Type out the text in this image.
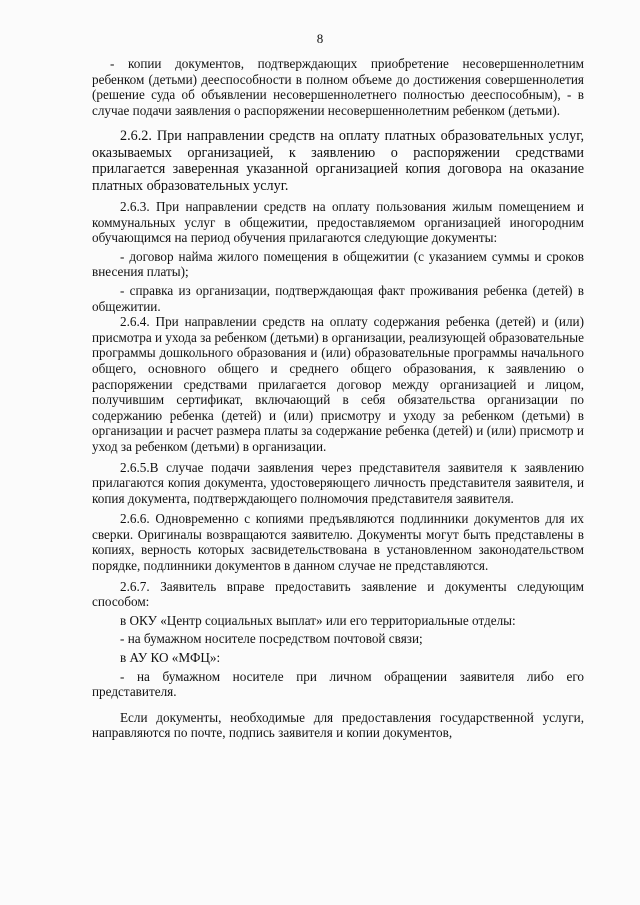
8

- копии документов, подтверждающих приобретение несовершеннолетним ребенком (детьми) дееспособности в полном объеме до достижения совершеннолетия (решение суда об объявлении несовершеннолетнего полностью дееспособным), - в случае подачи заявления о распоряжении несовершеннолетним ребенком (детьми).

2.6.2. При направлении средств на оплату платных образовательных услуг, оказываемых организацией, к заявлению о распоряжении средствами прилагается заверенная указанной организацией копия договора на оказание платных образовательных услуг.

2.6.3. При направлении средств на оплату пользования жилым помещением и коммунальных услуг в общежитии, предоставляемом организацией иногородним обучающимся на период обучения прилагаются следующие документы:

- договор найма жилого помещения в общежитии (с указанием суммы и сроков внесения платы);

- справка из организации, подтверждающая факт проживания ребенка (детей) в общежитии.

2.6.4. При направлении средств на оплату содержания ребенка (детей) и (или) присмотра и ухода за ребенком (детьми) в организации, реализующей образовательные программы дошкольного образования и (или) образовательные программы начального общего, основного общего и среднего общего образования, к заявлению о распоряжении средствами прилагается договор между организацией и лицом, получившим сертификат, включающий в себя обязательства организации по содержанию ребенка (детей) и (или) присмотру и уходу за ребенком (детьми) в организации и расчет размера платы за содержание ребенка (детей) и (или) присмотр и уход за ребенком (детьми) в организации.

2.6.5.В случае подачи заявления через представителя заявителя к заявлению прилагаются копия документа, удостоверяющего личность представителя заявителя, и копия документа, подтверждающего полномочия представителя заявителя.

2.6.6. Одновременно с копиями предъявляются подлинники документов для их сверки. Оригиналы возвращаются заявителю. Документы могут быть представлены в копиях, верность которых засвидетельствована в установленном законодательством порядке, подлинники документов в данном случае не представляются.

2.6.7. Заявитель вправе предоставить заявление и документы следующим способом:

в ОКУ «Центр социальных выплат» или его территориальные отделы:

- на бумажном носителе посредством почтовой связи;

в АУ КО «МФЦ»:

- на бумажном носителе при личном обращении заявителя либо его представителя.

Если документы, необходимые для предоставления государственной услуги, направляются по почте, подпись заявителя и копии документов,
